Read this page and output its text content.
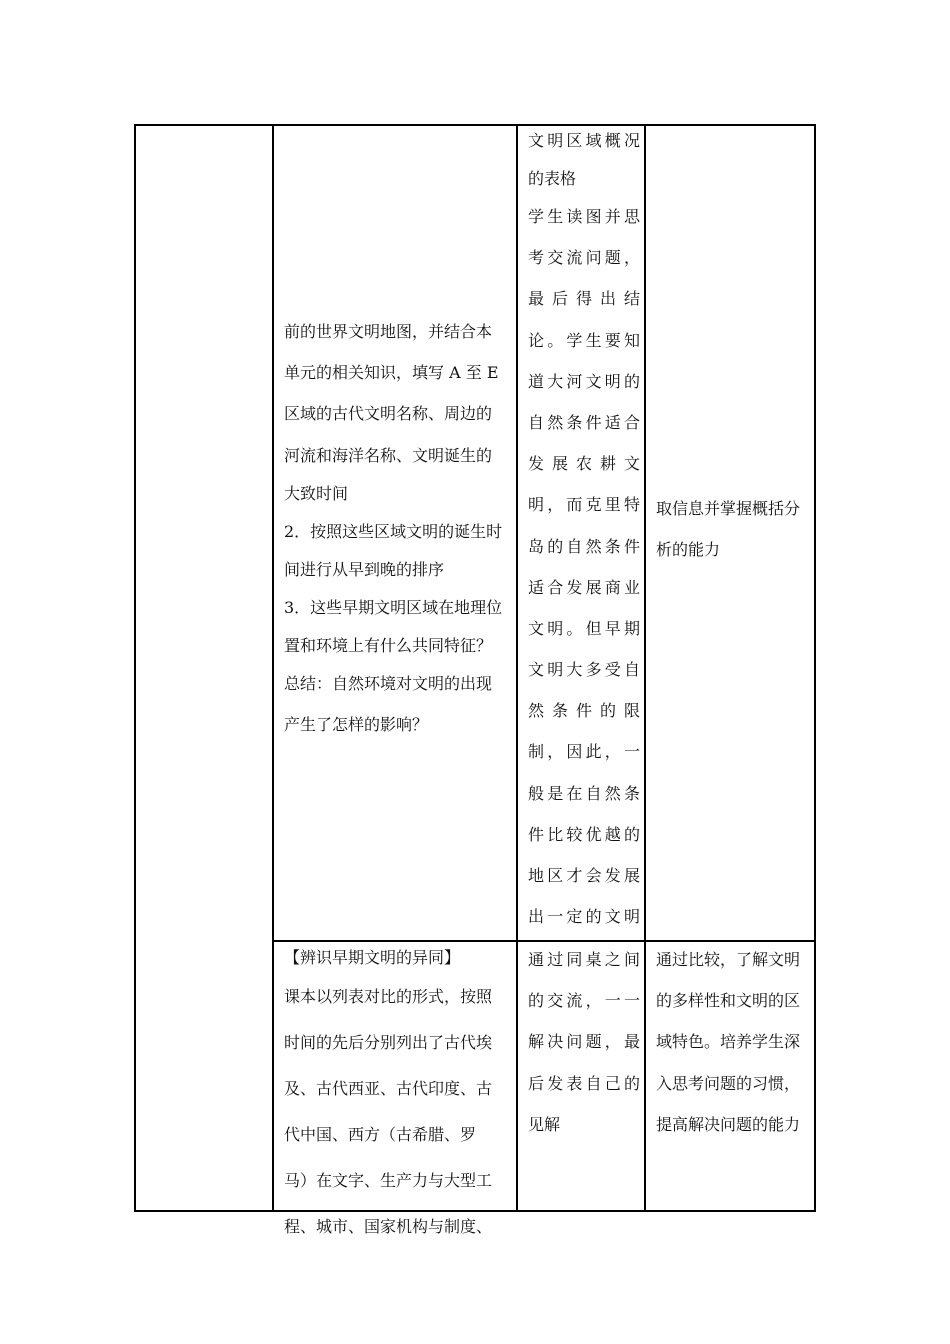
前的世界文明地图，并结合本
单元的相关知识，填写 A 至 E
区域的古代文明名称、周边的
河流和海洋名称、文明诞生的
大致时间
2．按照这些区域文明的诞生时
间进行从早到晚的排序
3．这些早期文明区域在地理位
置和环境上有什么共同特征？
总结：自然环境对文明的出现
产生了怎样的影响？
文明区域概况
的表格
学生读图并思
考交流问题，
最后得出结
论。学生要知
道大河文明的
自然条件适合
发展农耕文
明，而克里特
岛的自然条件
适合发展商业
文明。但早期
文明大多受自
然条件的限
制，因此，一
般是在自然条
件比较优越的
地区才会发展
出一定的文明
取信息并掌握概括分
析的能力
【辨识早期文明的异同】
课本以列表对比的形式，按照
时间的先后分别列出了古代埃
及、古代西亚、古代印度、古
代中国、西方（古希腊、罗
马）在文字、生产力与大型工
程、城市、国家机构与制度、
通过同桌之间
的交流，一一
解决问题，最
后发表自己的
见解
通过比较，了解文明
的多样性和文明的区
域特色。培养学生深
入思考问题的习惯，
提高解决问题的能力
